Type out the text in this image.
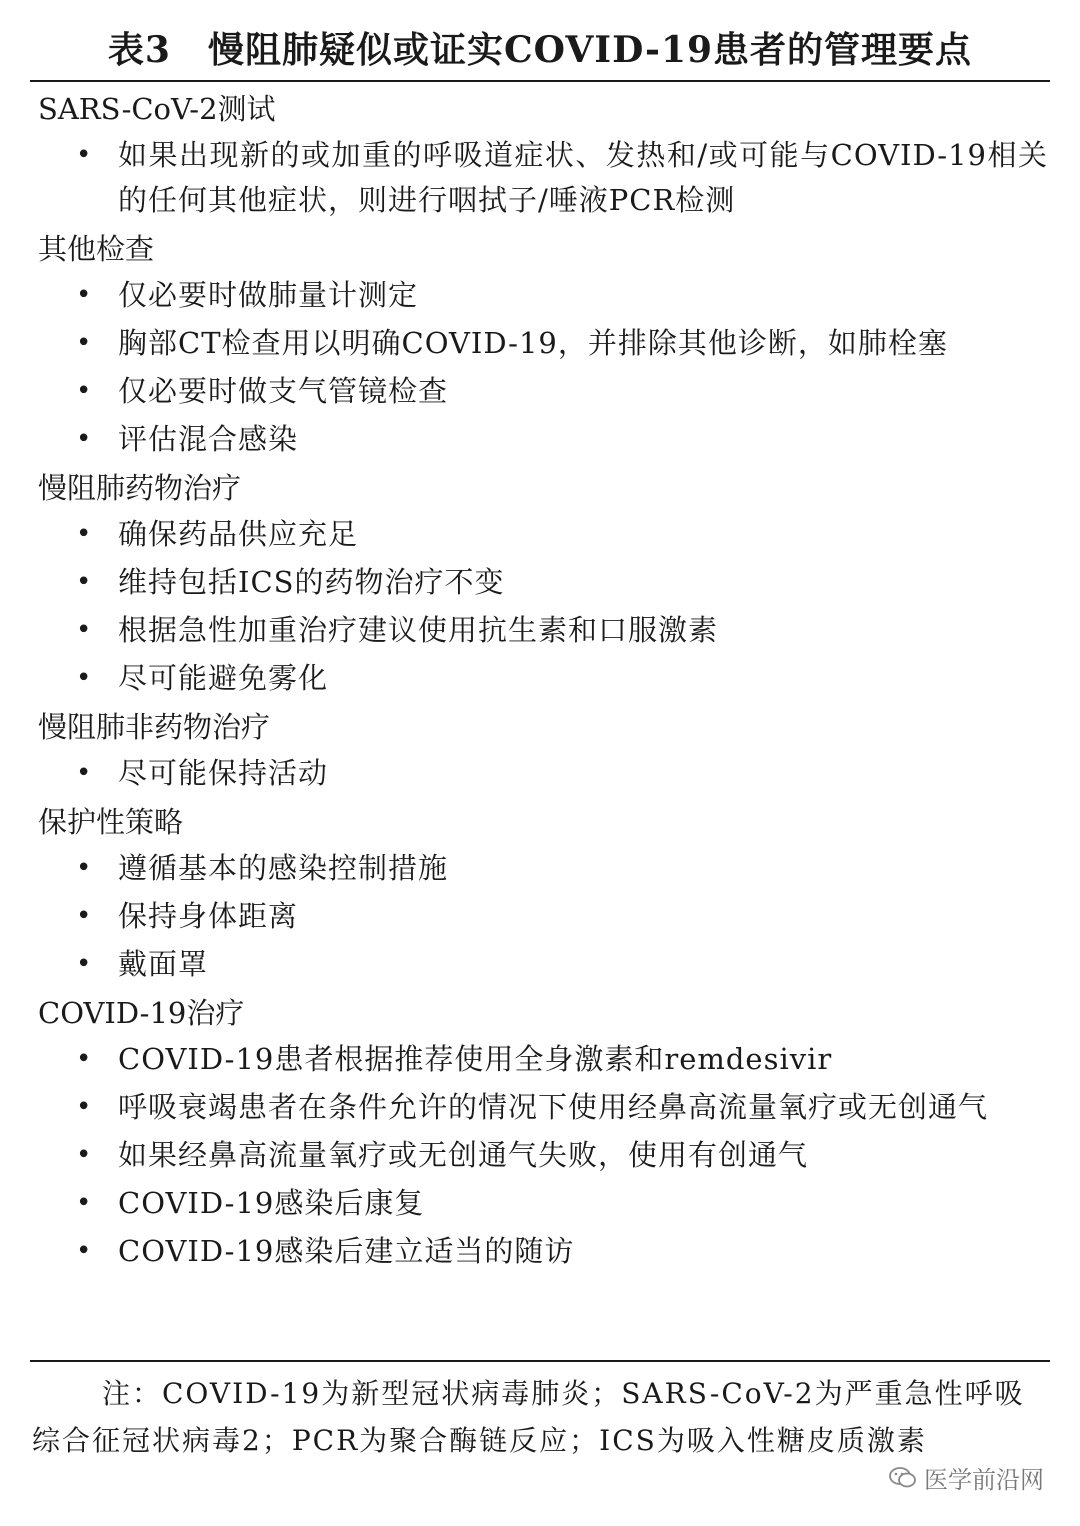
表3　慢阻肺疑似或证实COVID-19患者的管理要点
SARS-CoV-2测试
• 如果出现新的或加重的呼吸道症状、发热和/或可能与COVID-19相关的任何其他症状，则进行咽拭子/唾液PCR检测
其他检查
• 仅必要时做肺量计测定
• 胸部CT检查用以明确COVID-19，并排除其他诊断，如肺栓塞
• 仅必要时做支气管镜检查
• 评估混合感染
慢阻肺药物治疗
• 确保药品供应充足
• 维持包括ICS的药物治疗不变
• 根据急性加重治疗建议使用抗生素和口服激素
• 尽可能避免雾化
慢阻肺非药物治疗
• 尽可能保持活动
保护性策略
• 遵循基本的感染控制措施
• 保持身体距离
• 戴面罩
COVID-19治疗
• COVID-19患者根据推荐使用全身激素和remdesivir
• 呼吸衰竭患者在条件允许的情况下使用经鼻高流量氧疗或无创通气
• 如果经鼻高流量氧疗或无创通气失败，使用有创通气
• COVID-19感染后康复
• COVID-19感染后建立适当的随访
注：COVID-19为新型冠状病毒肺炎；SARS-CoV-2为严重急性呼吸综合征冠状病毒2；PCR为聚合酶链反应；ICS为吸入性糖皮质激素
医学前沿网
